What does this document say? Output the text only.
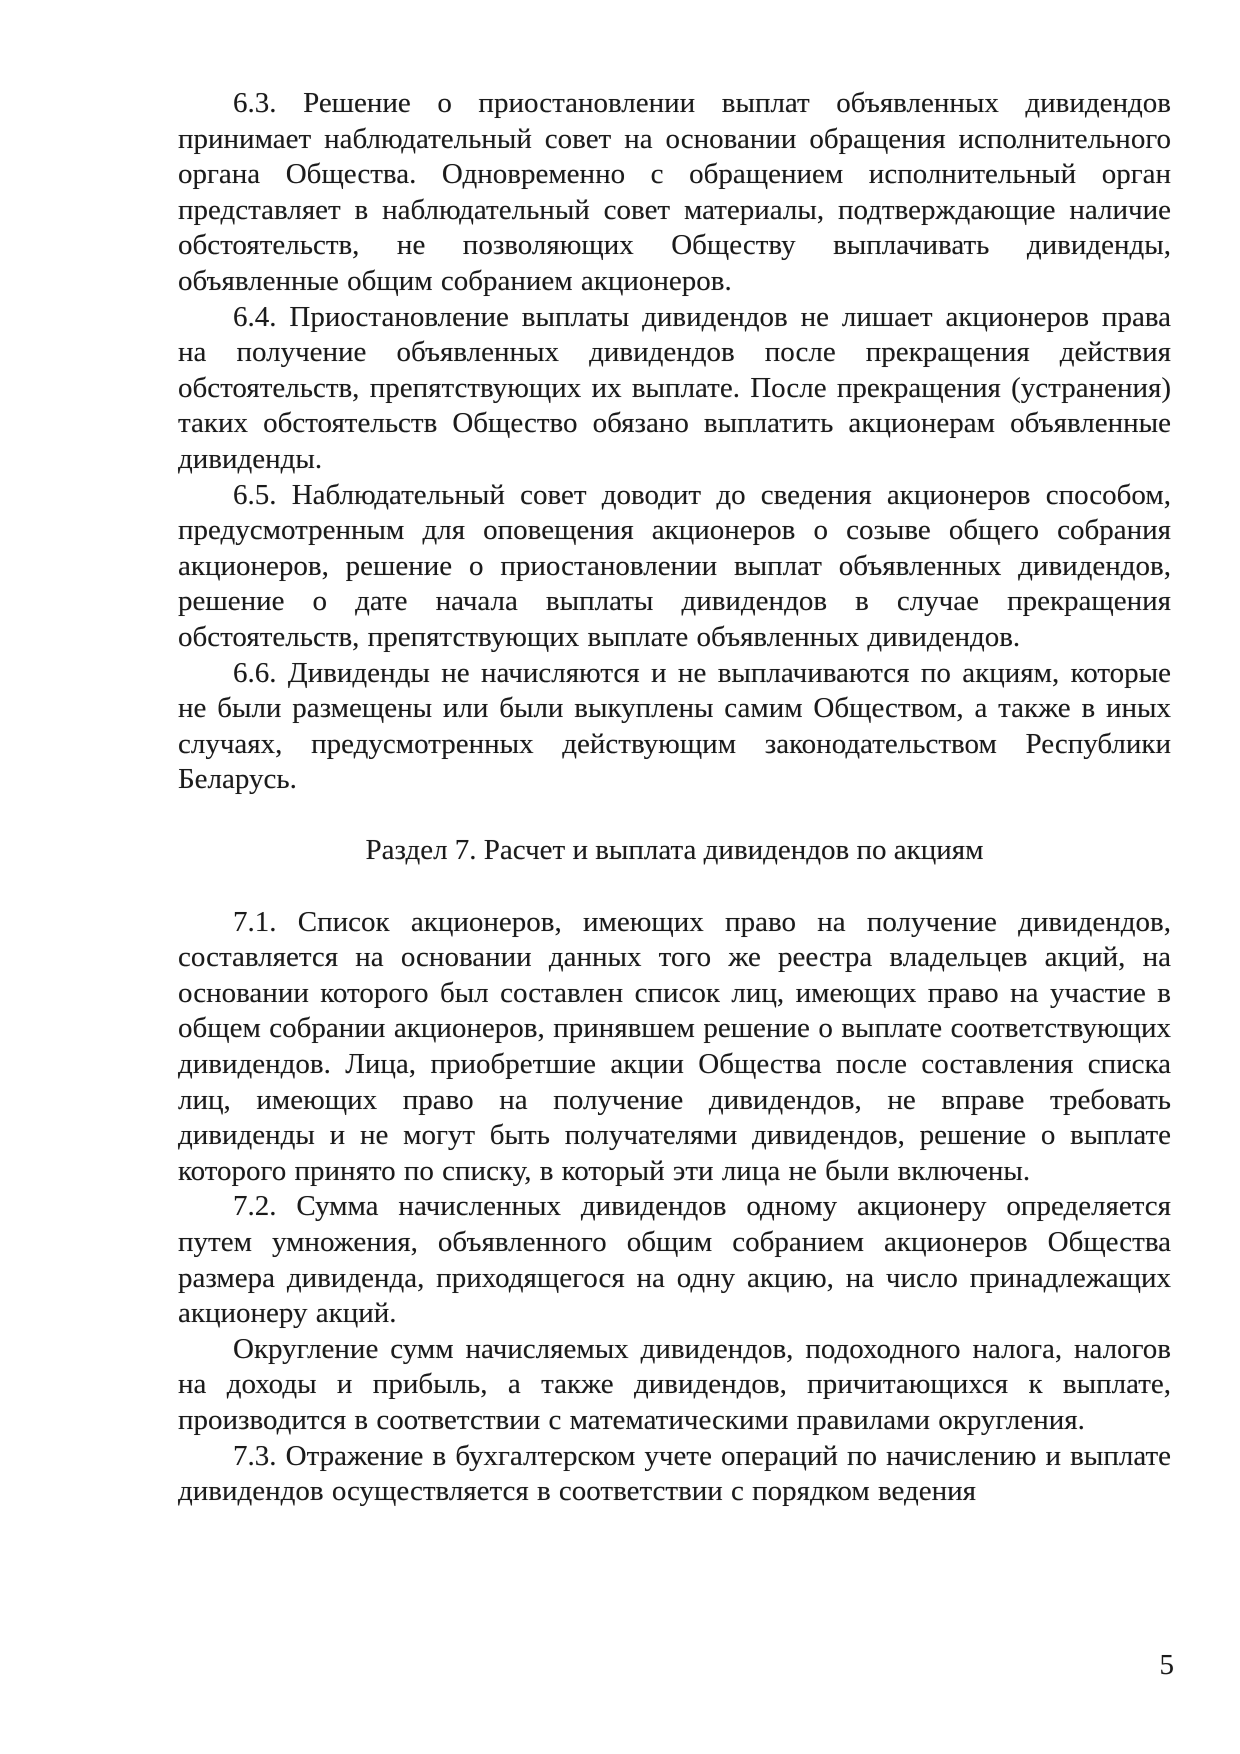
6.3. Решение о приостановлении выплат объявленных дивидендов принимает наблюдательный совет на основании обращения исполнительного органа Общества. Одновременно с обращением исполнительный орган представляет в наблюдательный совет материалы, подтверждающие наличие обстоятельств, не позволяющих Обществу выплачивать дивиденды, объявленные общим собранием акционеров.

6.4. Приостановление выплаты дивидендов не лишает акционеров права на получение объявленных дивидендов после прекращения действия обстоятельств, препятствующих их выплате. После прекращения (устранения) таких обстоятельств Общество обязано выплатить акционерам объявленные дивиденды.

6.5. Наблюдательный совет доводит до сведения акционеров способом, предусмотренным для оповещения акционеров о созыве общего собрания акционеров, решение о приостановлении выплат объявленных дивидендов, решение о дате начала выплаты дивидендов в случае прекращения обстоятельств, препятствующих выплате объявленных дивидендов.

6.6. Дивиденды не начисляются и не выплачиваются по акциям, которые не были размещены или были выкуплены самим Обществом, а также в иных случаях, предусмотренных действующим законодательством Республики Беларусь.

Раздел 7. Расчет и выплата дивидендов по акциям

7.1. Список акционеров, имеющих право на получение дивидендов, составляется на основании данных того же реестра владельцев акций, на основании которого был составлен список лиц, имеющих право на участие в общем собрании акционеров, принявшем решение о выплате соответствующих дивидендов. Лица, приобретшие акции Общества после составления списка лиц, имеющих право на получение дивидендов, не вправе требовать дивиденды и не могут быть получателями дивидендов, решение о выплате которого принято по списку, в который эти лица не были включены.

7.2. Сумма начисленных дивидендов одному акционеру определяется путем умножения, объявленного общим собранием акционеров Общества размера дивиденда, приходящегося на одну акцию, на число принадлежащих акционеру акций.

Округление сумм начисляемых дивидендов, подоходного налога, налогов на доходы и прибыль, а также дивидендов, причитающихся к выплате, производится в соответствии с математическими правилами округления.

7.3. Отражение в бухгалтерском учете операций по начислению и выплате дивидендов осуществляется в соответствии с порядком ведения

5
